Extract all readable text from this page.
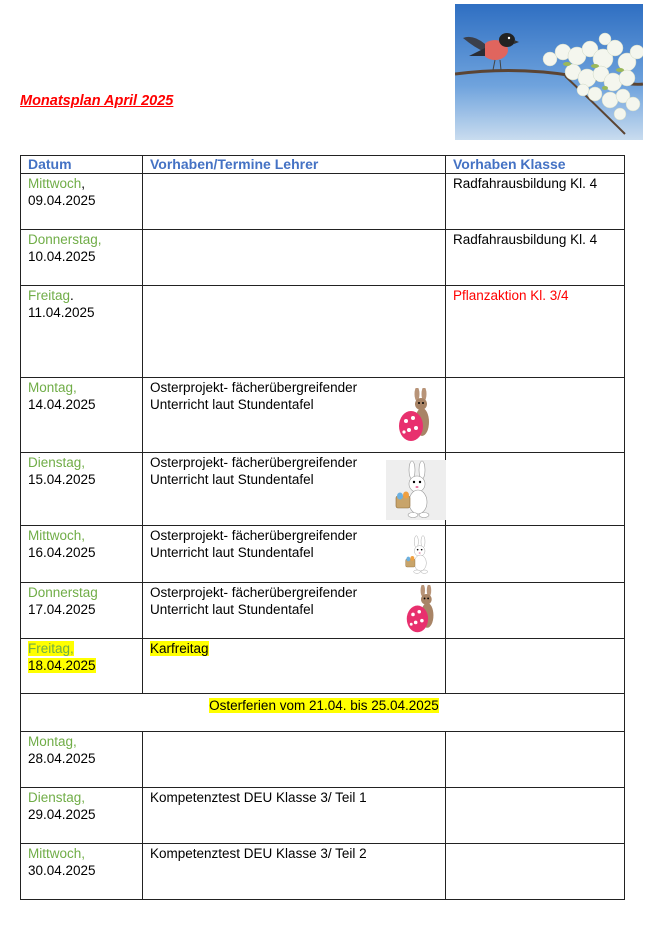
Monatsplan April 2025
Datum	Vorhaben/Termine Lehrer	Vorhaben Klasse
Mittwoch,
09.04.2025		Radfahrausbildung Kl. 4
Donnerstag,
10.04.2025		Radfahrausbildung Kl. 4
Freitag.
11.04.2025		Pflanzaktion Kl. 3/4
Montag,
14.04.2025	Osterprojekt- fächerübergreifender
Unterricht laut Stundentafel

Dienstag,
15.04.2025	Osterprojekt- fächerübergreifender
Unterricht laut Stundentafel

Mittwoch,
16.04.2025	Osterprojekt- fächerübergreifender
Unterricht laut Stundentafel

Donnerstag
17.04.2025	Osterprojekt- fächerübergreifender
Unterricht laut Stundentafel

Freitag,
18.04.2025	Karfreitag	
Osterferien vom 21.04. bis 25.04.2025		
Montag,
28.04.2025		
Dienstag,
29.04.2025	Kompetenztest DEU Klasse 3/ Teil 1	
Mittwoch,
30.04.2025	Kompetenztest DEU Klasse 3/ Teil 2	
